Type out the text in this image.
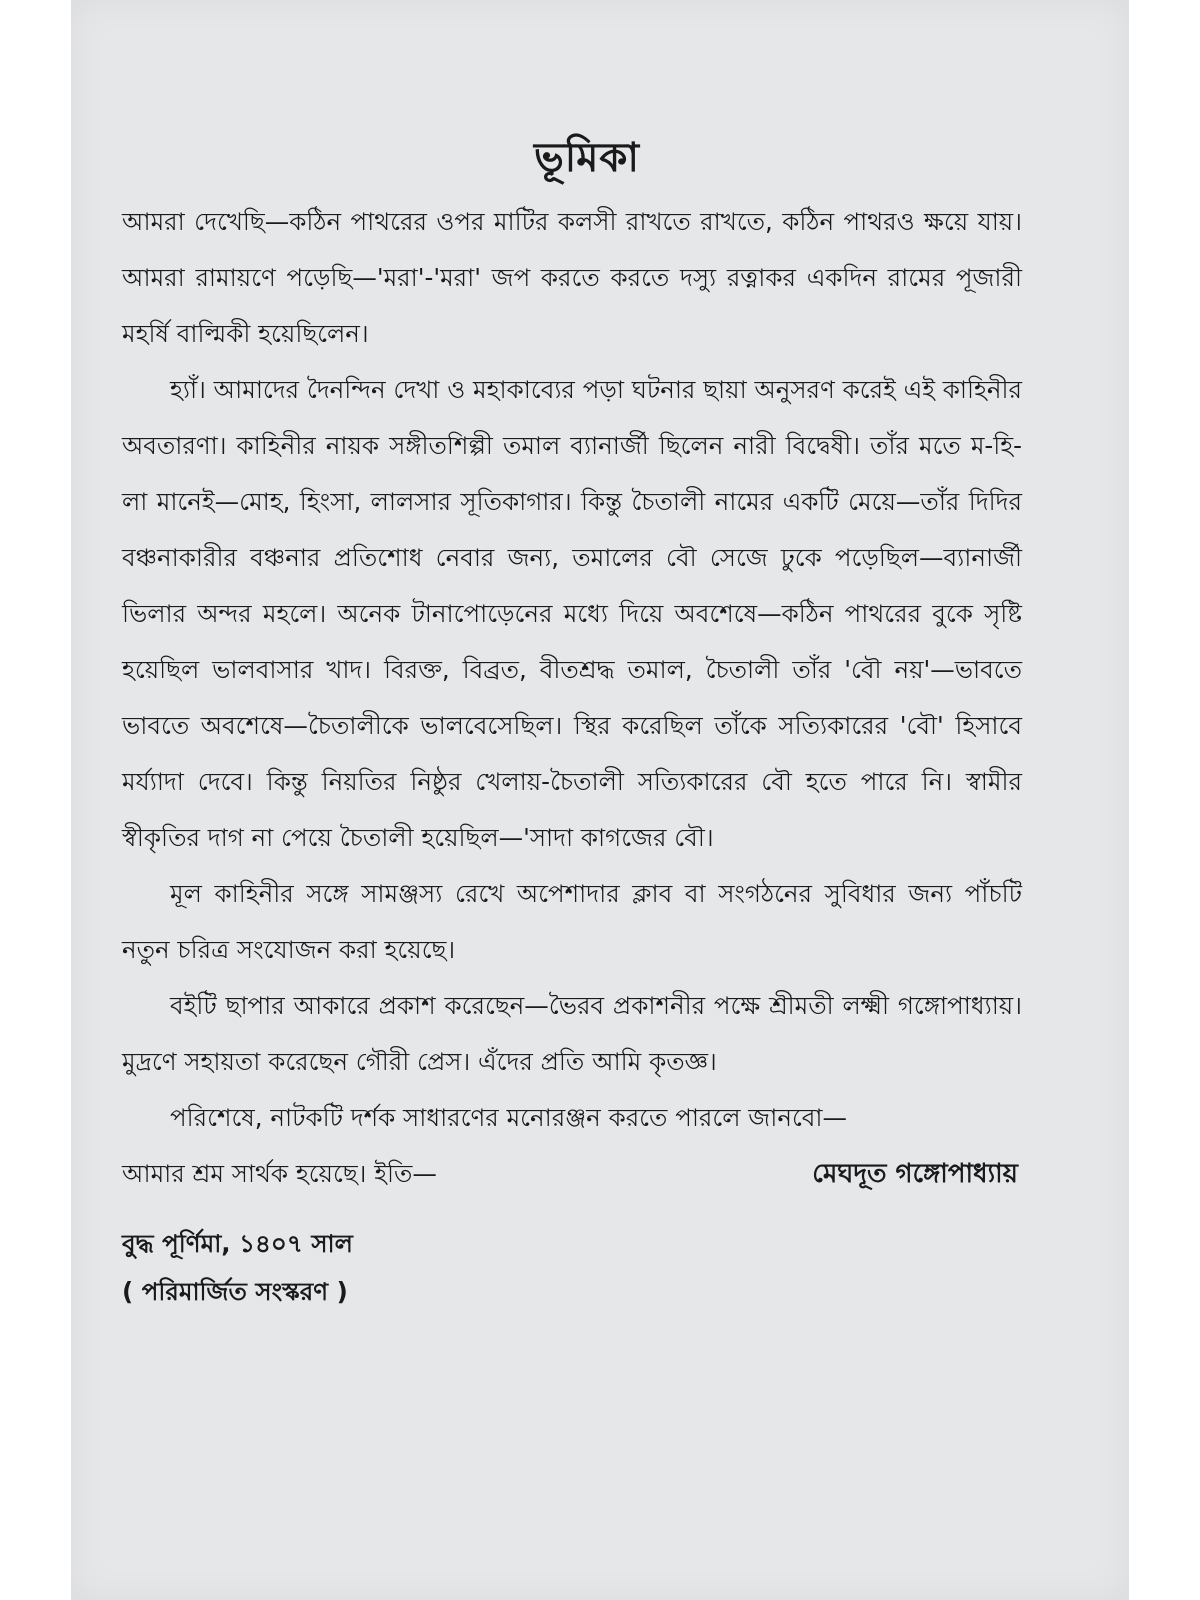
ভূমিকা

আমরা দেখেছি—কঠিন পাথরের ওপর মাটির কলসী রাখতে রাখতে, কঠিন পাথরও ক্ষয়ে যায়। আমরা রামায়ণে পড়েছি—'মরা'-'মরা' জপ করতে করতে দস্যু রত্নাকর একদিন রামের পূজারী মহর্ষি বাল্মিকী হয়েছিলেন।

হ্যাঁ। আমাদের দৈনন্দিন দেখা ও মহাকাব্যের পড়া ঘটনার ছায়া অনুসরণ করেই এই কাহিনীর অবতারণা। কাহিনীর নায়ক সঙ্গীতশিল্পী তমাল ব্যানার্জী ছিলেন নারী বিদ্বেষী। তাঁর মতে ম-হি-লা মানেই—মোহ, হিংসা, লালসার সূতিকাগার। কিন্তু চৈতালী নামের একটি মেয়ে—তাঁর দিদির বঞ্চনাকারীর বঞ্চনার প্রতিশোধ নেবার জন্য, তমালের বৌ সেজে ঢুকে পড়েছিল—ব্যানার্জী ভিলার অন্দর মহলে। অনেক টানাপোড়েনের মধ্যে দিয়ে অবশেষে—কঠিন পাথরের বুকে সৃষ্টি হয়েছিল ভালবাসার খাদ। বিরক্ত, বিব্রত, বীতশ্রদ্ধ তমাল, চৈতালী তাঁর 'বৌ নয়'—ভাবতে ভাবতে অবশেষে—চৈতালীকে ভালবেসেছিল। স্থির করেছিল তাঁকে সত্যিকারের 'বৌ' হিসাবে মর্য্যাদা দেবে। কিন্তু নিয়তির নিষ্ঠুর খেলায়-চৈতালী সত্যিকারের বৌ হতে পারে নি। স্বামীর স্বীকৃতির দাগ না পেয়ে চৈতালী হয়েছিল—'সাদা কাগজের বৌ।

মূল কাহিনীর সঙ্গে সামঞ্জস্য রেখে অপেশাদার ক্লাব বা সংগঠনের সুবিধার জন্য পাঁচটি নতুন চরিত্র সংযোজন করা হয়েছে।

বইটি ছাপার আকারে প্রকাশ করেছেন—ভৈরব প্রকাশনীর পক্ষে শ্রীমতী লক্ষ্মী গঙ্গোপাধ্যায়। মুদ্রণে সহায়তা করেছেন গৌরী প্রেস। এঁদের প্রতি আমি কৃতজ্ঞ।

পরিশেষে, নাটকটি দর্শক সাধারণের মনোরঞ্জন করতে পারলে জানবো—

আমার শ্রম সার্থক হয়েছে। ইতি—	মেঘদূত গঙ্গোপাধ্যায়
বুদ্ধ পূর্ণিমা, ১৪০৭ সাল
( পরিমার্জিত সংস্করণ )
